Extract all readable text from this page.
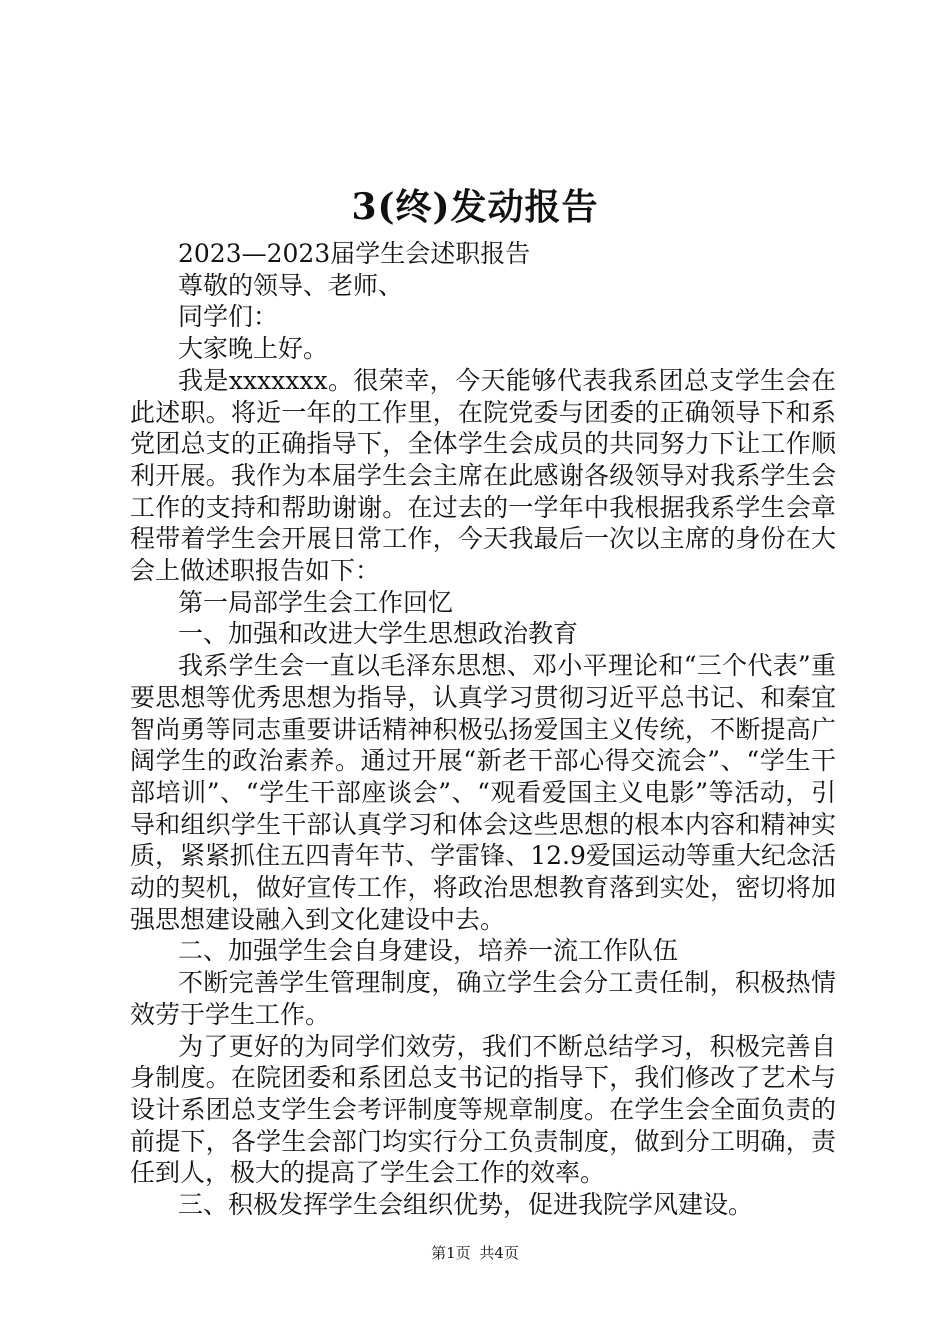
3(终)发动报告

2023—2023届学生会述职报告

尊敬的领导、老师、

同学们：

大家晚上好。

我是xxxxxxx。很荣幸，今天能够代表我系团总支学生会在此述职。将近一年的工作里，在院党委与团委的正确领导下和系党团总支的正确指导下，全体学生会成员的共同努力下让工作顺利开展。我作为本届学生会主席在此感谢各级领导对我系学生会工作的支持和帮助谢谢。在过去的一学年中我根据我系学生会章程带着学生会开展日常工作，今天我最后一次以主席的身份在大会上做述职报告如下：

第一局部学生会工作回忆

一、加强和改进大学生思想政治教育

我系学生会一直以毛泽东思想、邓小平理论和“三个代表”重要思想等优秀思想为指导，认真学习贯彻习近平总书记、和秦宜智尚勇等同志重要讲话精神积极弘扬爱国主义传统，不断提高广阔学生的政治素养。通过开展“新老干部心得交流会”、“学生干部培训”、“学生干部座谈会”、“观看爱国主义电影”等活动，引导和组织学生干部认真学习和体会这些思想的根本内容和精神实质，紧紧抓住五四青年节、学雷锋、12.9爱国运动等重大纪念活动的契机，做好宣传工作，将政治思想教育落到实处，密切将加强思想建设融入到文化建设中去。

二、加强学生会自身建设，培养一流工作队伍

不断完善学生管理制度，确立学生会分工责任制，积极热情效劳于学生工作。

为了更好的为同学们效劳，我们不断总结学习，积极完善自身制度。在院团委和系团总支书记的指导下，我们修改了艺术与设计系团总支学生会考评制度等规章制度。在学生会全面负责的前提下，各学生会部门均实行分工负责制度，做到分工明确，责任到人，极大的提高了学生会工作的效率。

三、积极发挥学生会组织优势，促进我院学风建设。

第1页 共4页
